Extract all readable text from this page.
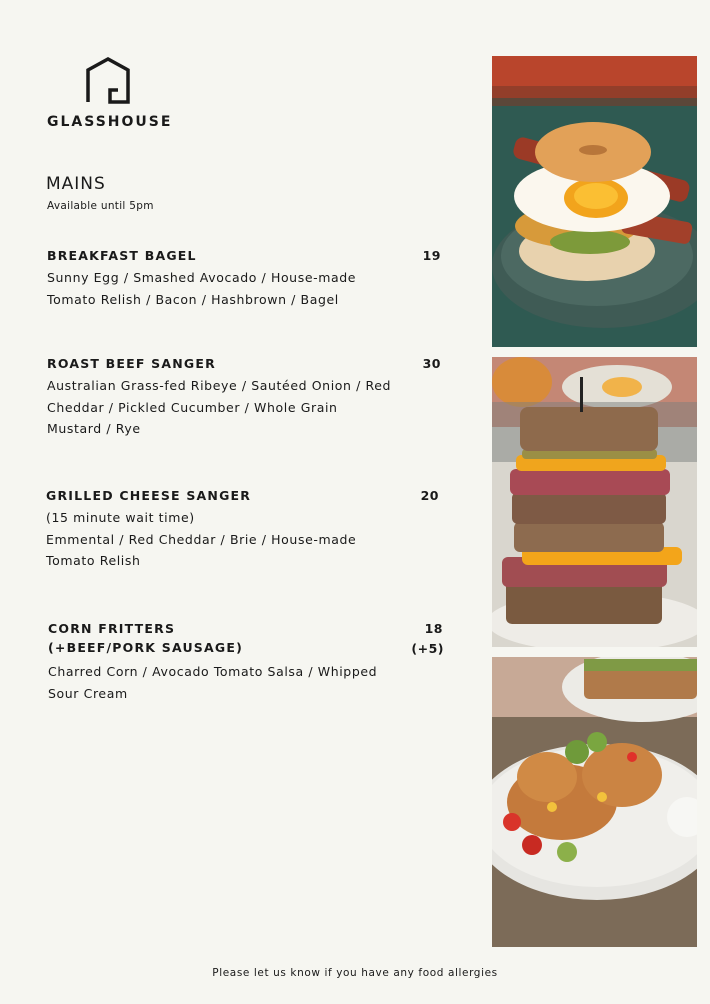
GLASSHOUSE
MAINS
Available until 5pm
BREAKFAST BAGEL	19
Sunny Egg / Smashed Avocado / House-made Tomato Relish / Bacon / Hashbrown / Bagel
ROAST BEEF SANGER	30
Australian Grass-fed Ribeye / Sautéed Onion / Red Cheddar / Pickled Cucumber / Whole Grain Mustard / Rye
GRILLED CHEESE SANGER	20
(15 minute wait time)
Emmental / Red Cheddar / Brie / House-made Tomato Relish
CORN FRITTERS
(+BEEF/PORK SAUSAGE)
18
(+5)
Charred Corn / Avocado Tomato Salsa / Whipped Sour Cream
Please let us know if you have any food allergies
